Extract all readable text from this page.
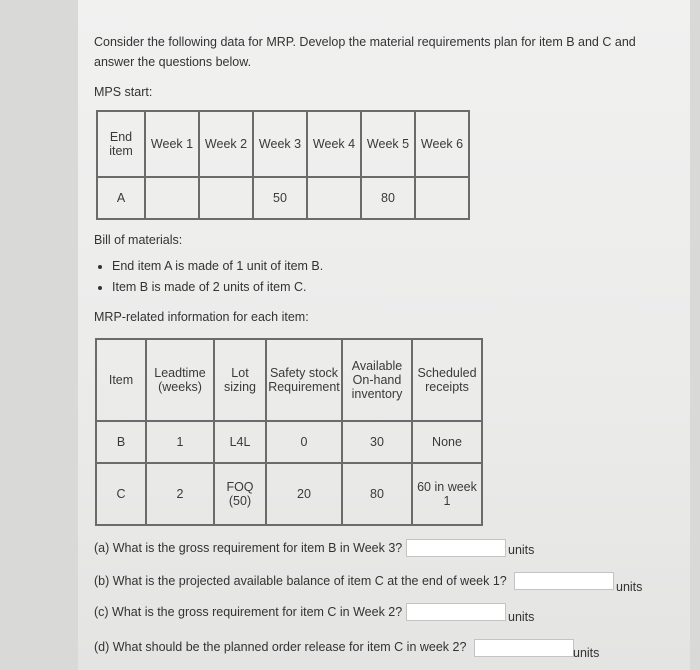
Consider the following data for MRP. Develop the material requirements plan for item B and C and answer the questions below.
MPS start:
End item	Week 1	Week 2	Week 3	Week 4	Week 5	Week 6
A			50		80	
Bill of materials:
• End item A is made of 1 unit of item B.
• Item B is made of 2 units of item C.
MRP-related information for each item:
Item	Leadtime (weeks)	Lot sizing	Safety stock Requirement	Available On-hand inventory	Scheduled receipts
B	1	L4L	0	30	None
C	2	FOQ (50)	20	80	60 in week 1
(a) What is the gross requirement for item B in Week 3?	units
(b) What is the projected available balance of item C at the end of week 1?	units
(c) What is the gross requirement for item C in Week 2?	units
(d) What should be the planned order release for item C in week 2?	units
